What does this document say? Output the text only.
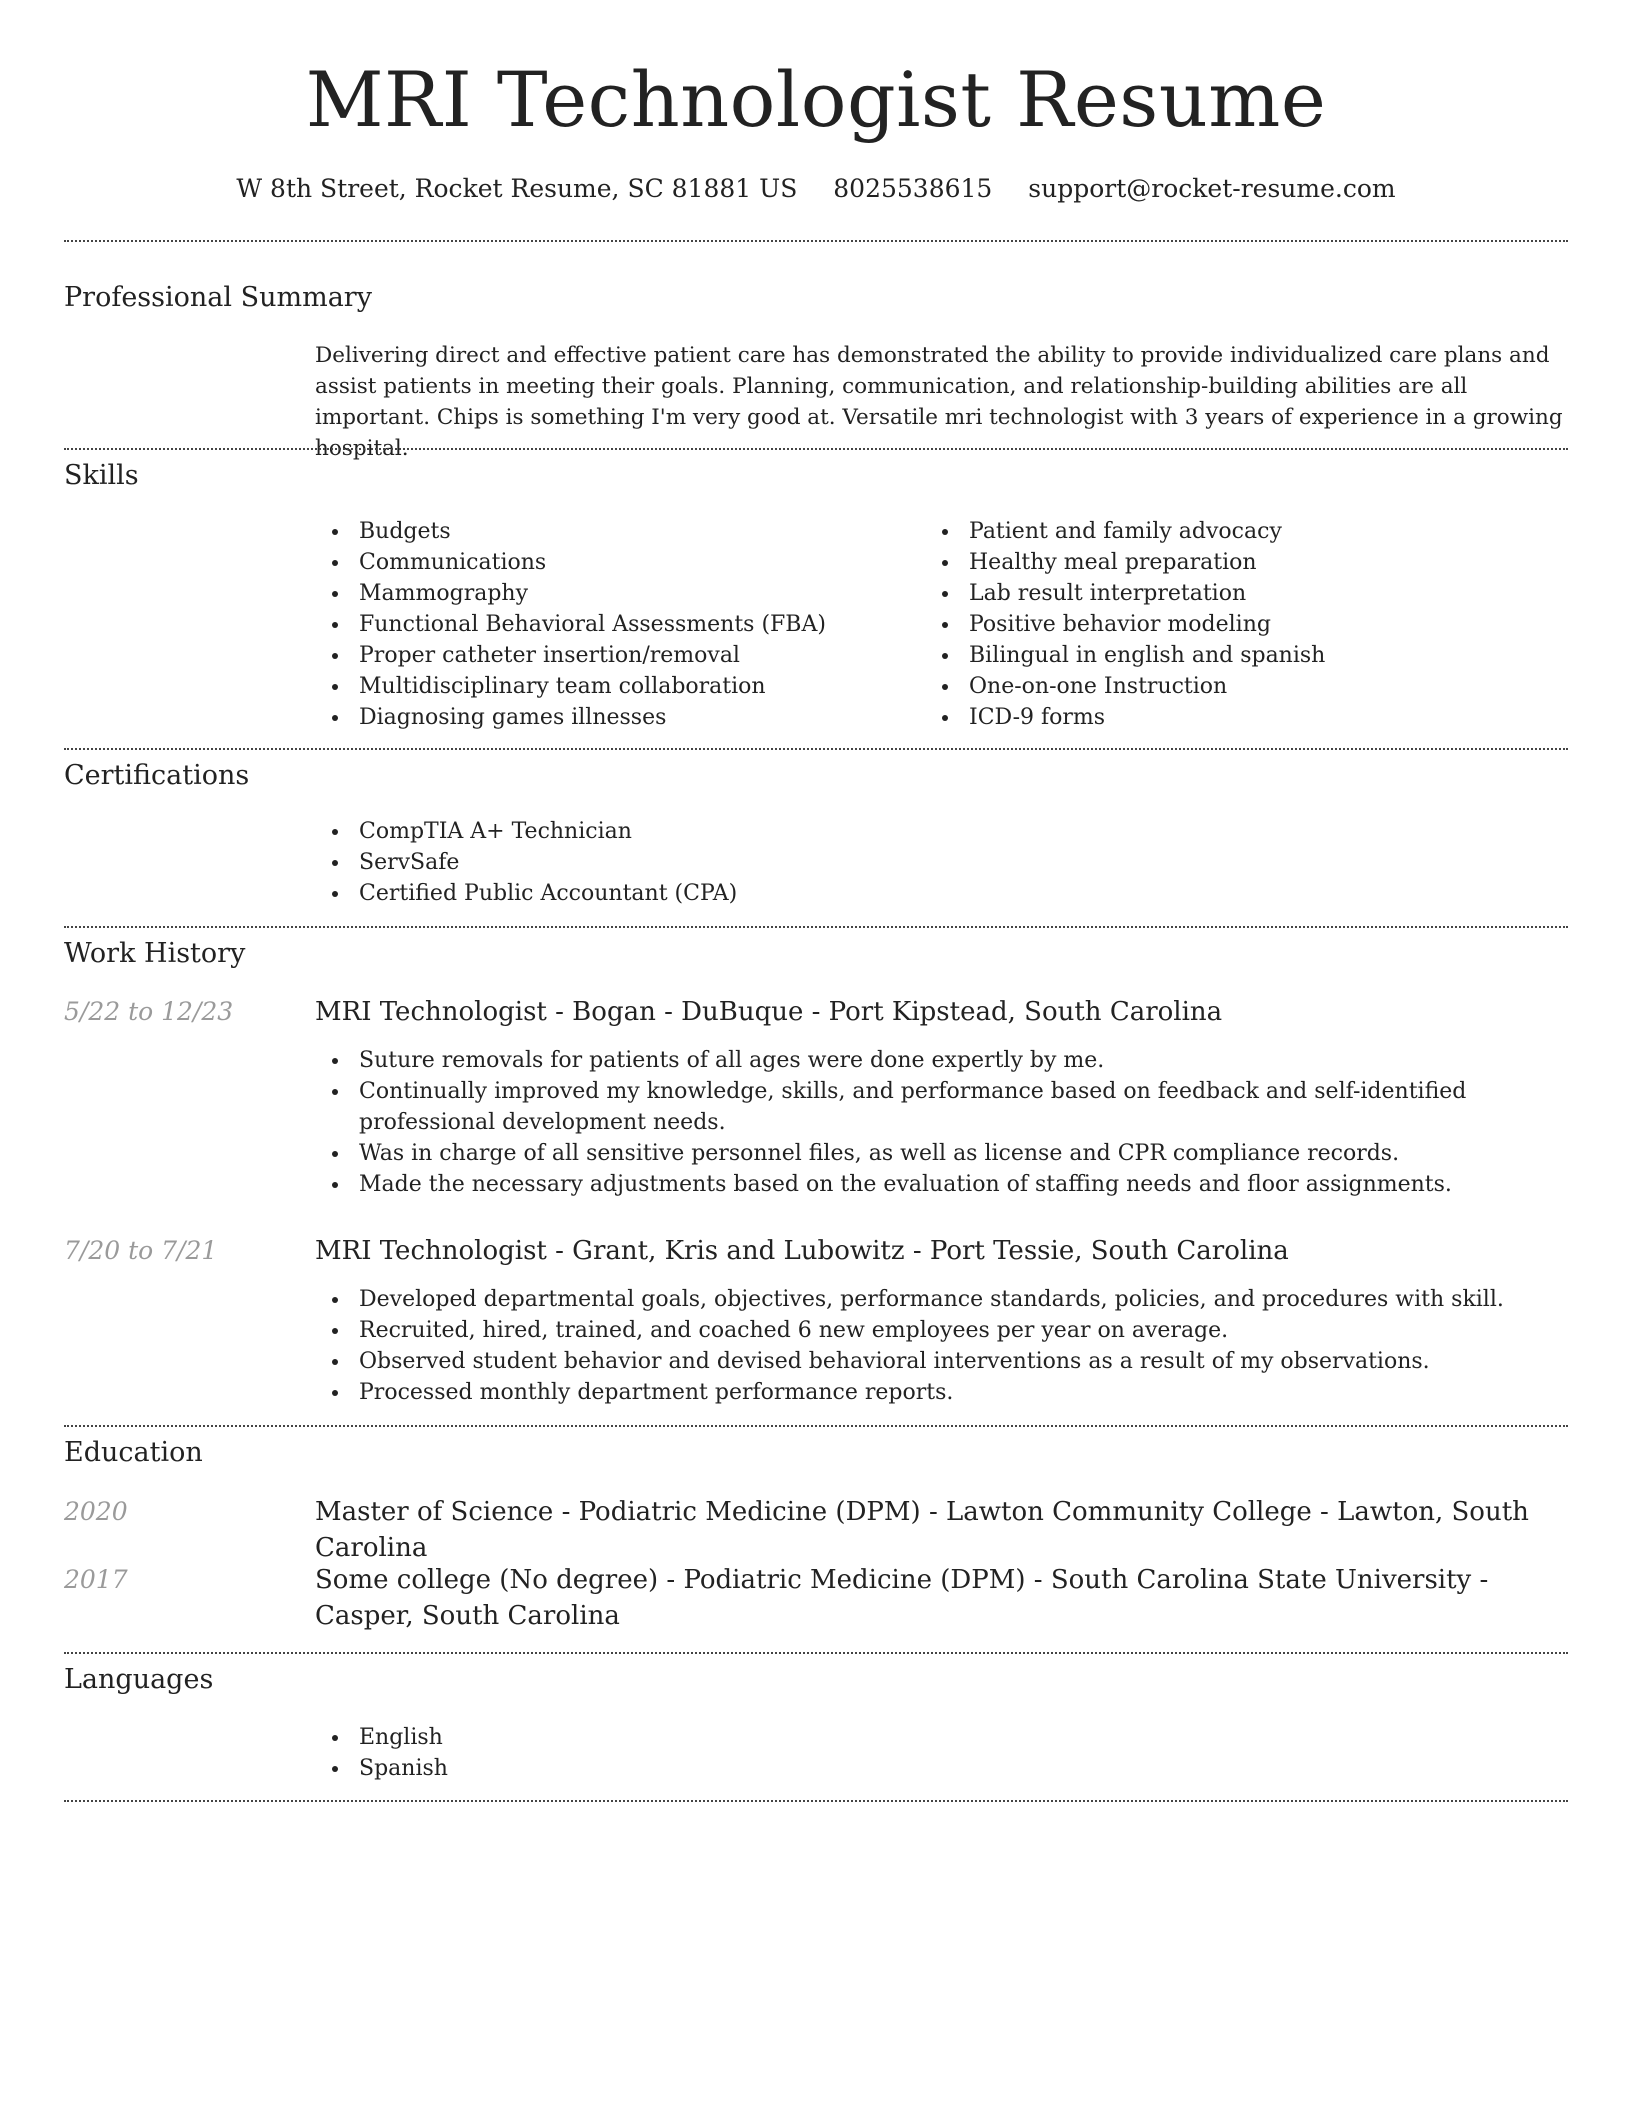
MRI Technologist Resume
W 8th Street, Rocket Resume, SC 81881 US 8025538615 support@rocket-resume.com
Professional Summary
Delivering direct and effective patient care has demonstrated the ability to provide individualized care plans and assist patients in meeting their goals. Planning, communication, and relationship-building abilities are all important. Chips is something I'm very good at. Versatile mri technologist with 3 years of experience in a growing hospital.
Skills
Budgets
Communications
Mammography
Functional Behavioral Assessments (FBA)
Proper catheter insertion/removal
Multidisciplinary team collaboration
Diagnosing games illnesses
Patient and family advocacy
Healthy meal preparation
Lab result interpretation
Positive behavior modeling
Bilingual in english and spanish
One-on-one Instruction
ICD-9 forms
Certifications
CompTIA A+ Technician
ServSafe
Certified Public Accountant (CPA)
Work History
5/22 to 12/23	MRI Technologist - Bogan - DuBuque - Port Kipstead, South Carolina
Suture removals for patients of all ages were done expertly by me.
Continually improved my knowledge, skills, and performance based on feedback and self-identified professional development needs.
Was in charge of all sensitive personnel files, as well as license and CPR compliance records.
Made the necessary adjustments based on the evaluation of staffing needs and floor assignments.
7/20 to 7/21	MRI Technologist - Grant, Kris and Lubowitz - Port Tessie, South Carolina
Developed departmental goals, objectives, performance standards, policies, and procedures with skill.
Recruited, hired, trained, and coached 6 new employees per year on average.
Observed student behavior and devised behavioral interventions as a result of my observations.
Processed monthly department performance reports.
Education
2020	Master of Science - Podiatric Medicine (DPM) - Lawton Community College - Lawton, South Carolina
2017	Some college (No degree) - Podiatric Medicine (DPM) - South Carolina State University - Casper, South Carolina
Languages
English
Spanish
